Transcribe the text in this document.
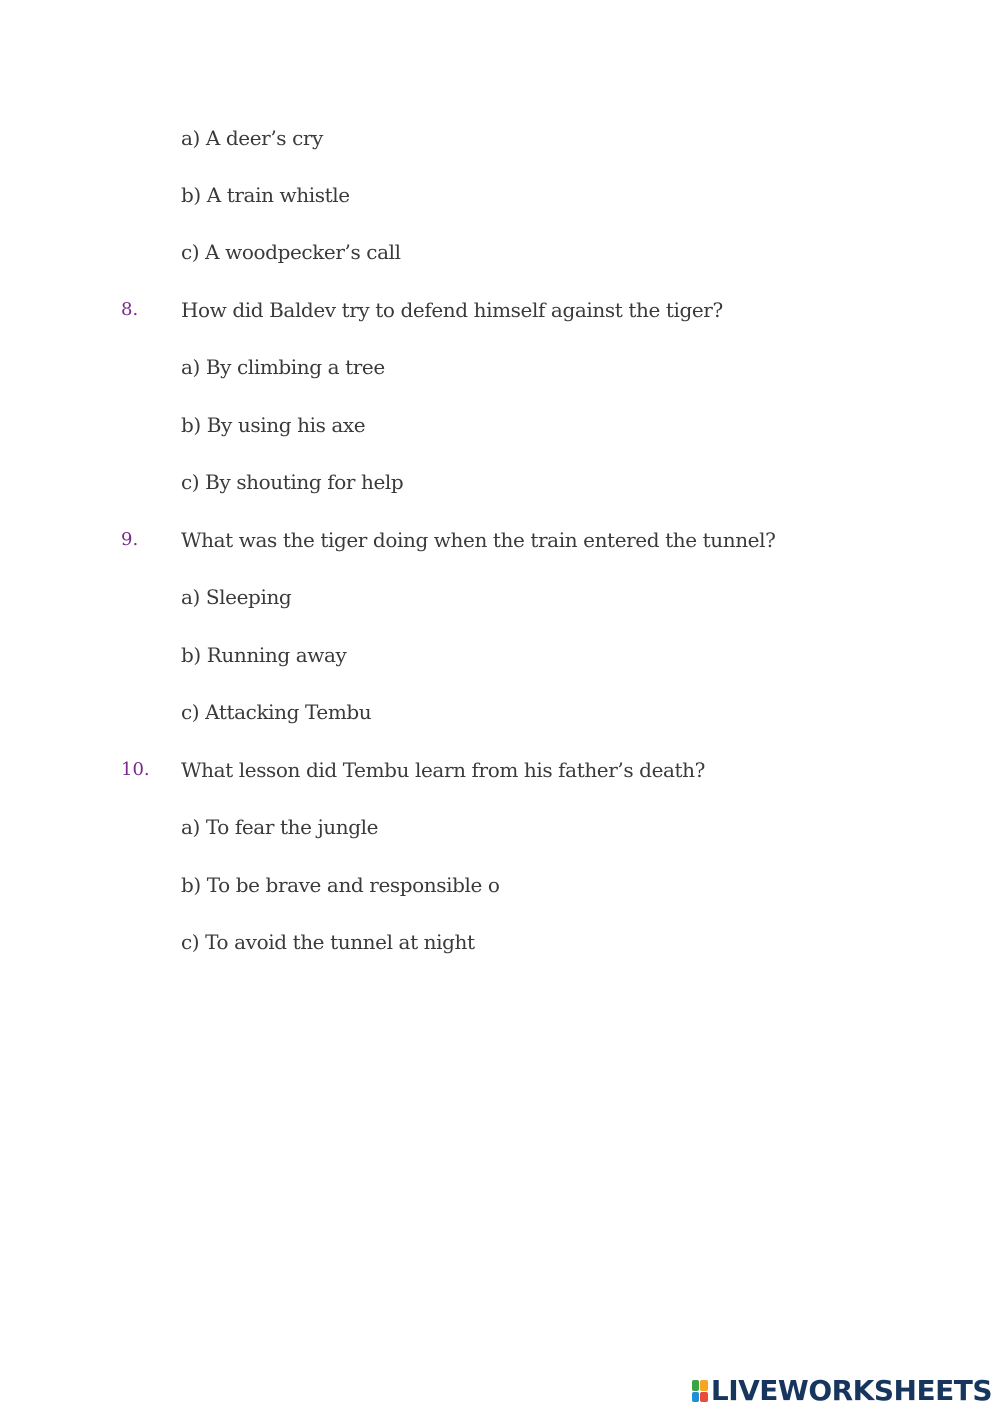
a) A deer’s cry
b) A train whistle
c) A woodpecker’s call
8. How did Baldev try to defend himself against the tiger?
a) By climbing a tree
b) By using his axe
c) By shouting for help
9. What was the tiger doing when the train entered the tunnel?
a) Sleeping
b) Running away
c) Attacking Tembu
10. What lesson did Tembu learn from his father’s death?
a) To fear the jungle
b) To be brave and responsible o
c) To avoid the tunnel at night
LIVEWORKSHEETS
